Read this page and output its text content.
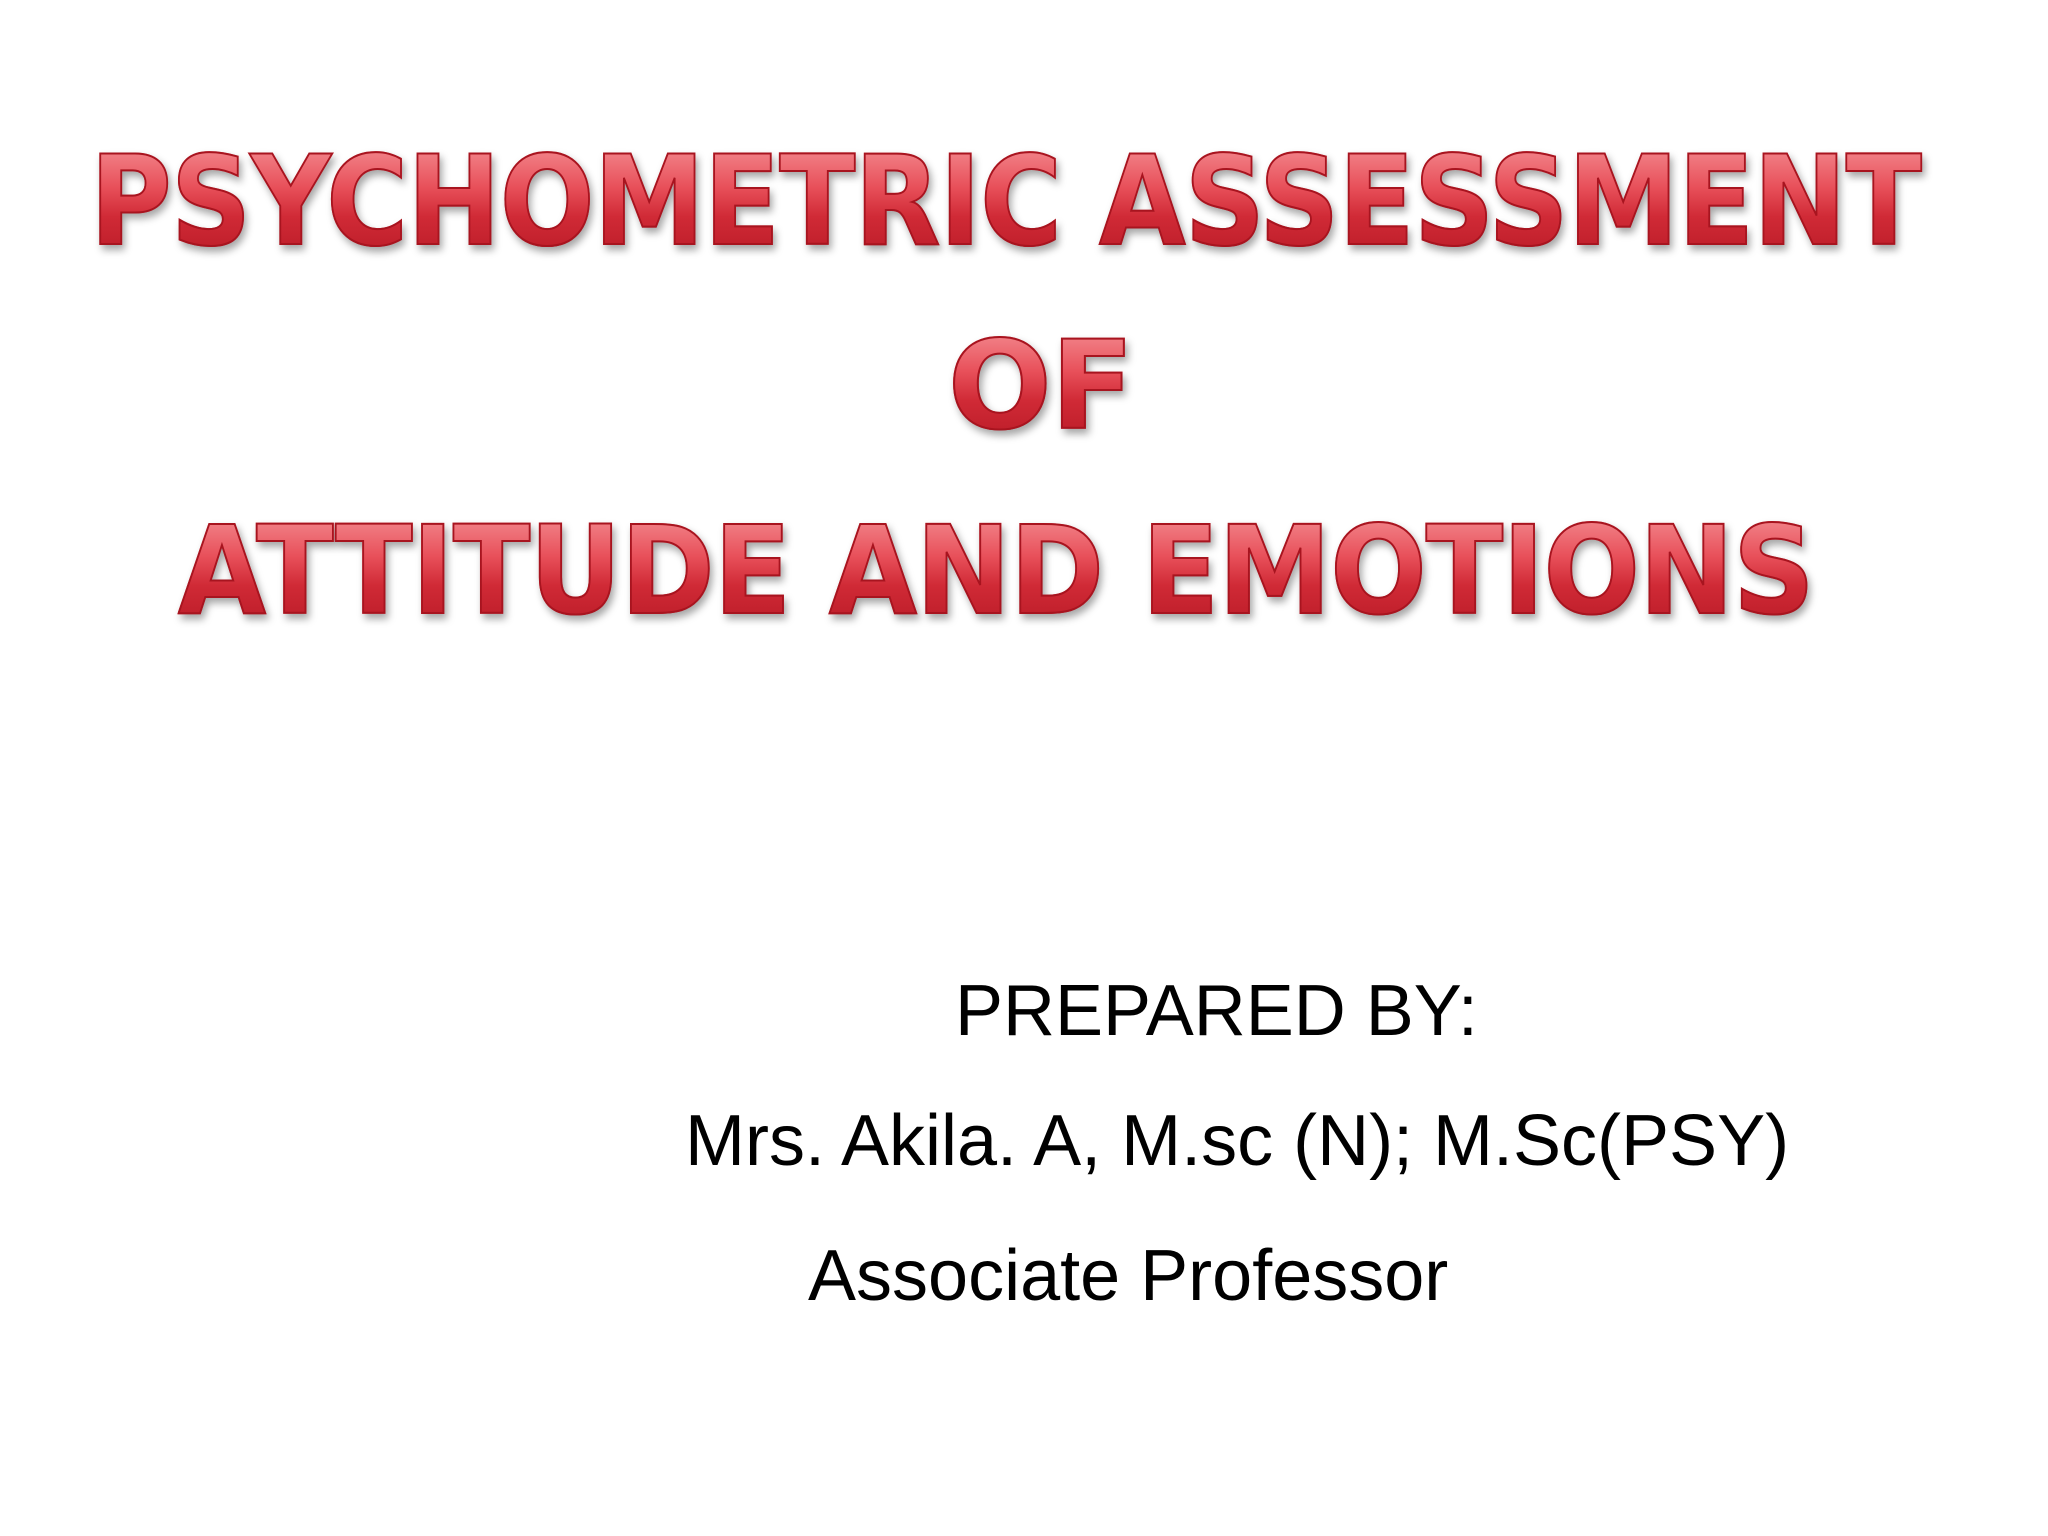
PSYCHOMETRIC ASSESSMENT
OF
ATTITUDE AND EMOTIONS
PREPARED BY:
Mrs. Akila. A, M.sc (N); M.Sc(PSY)
Associate Professor
